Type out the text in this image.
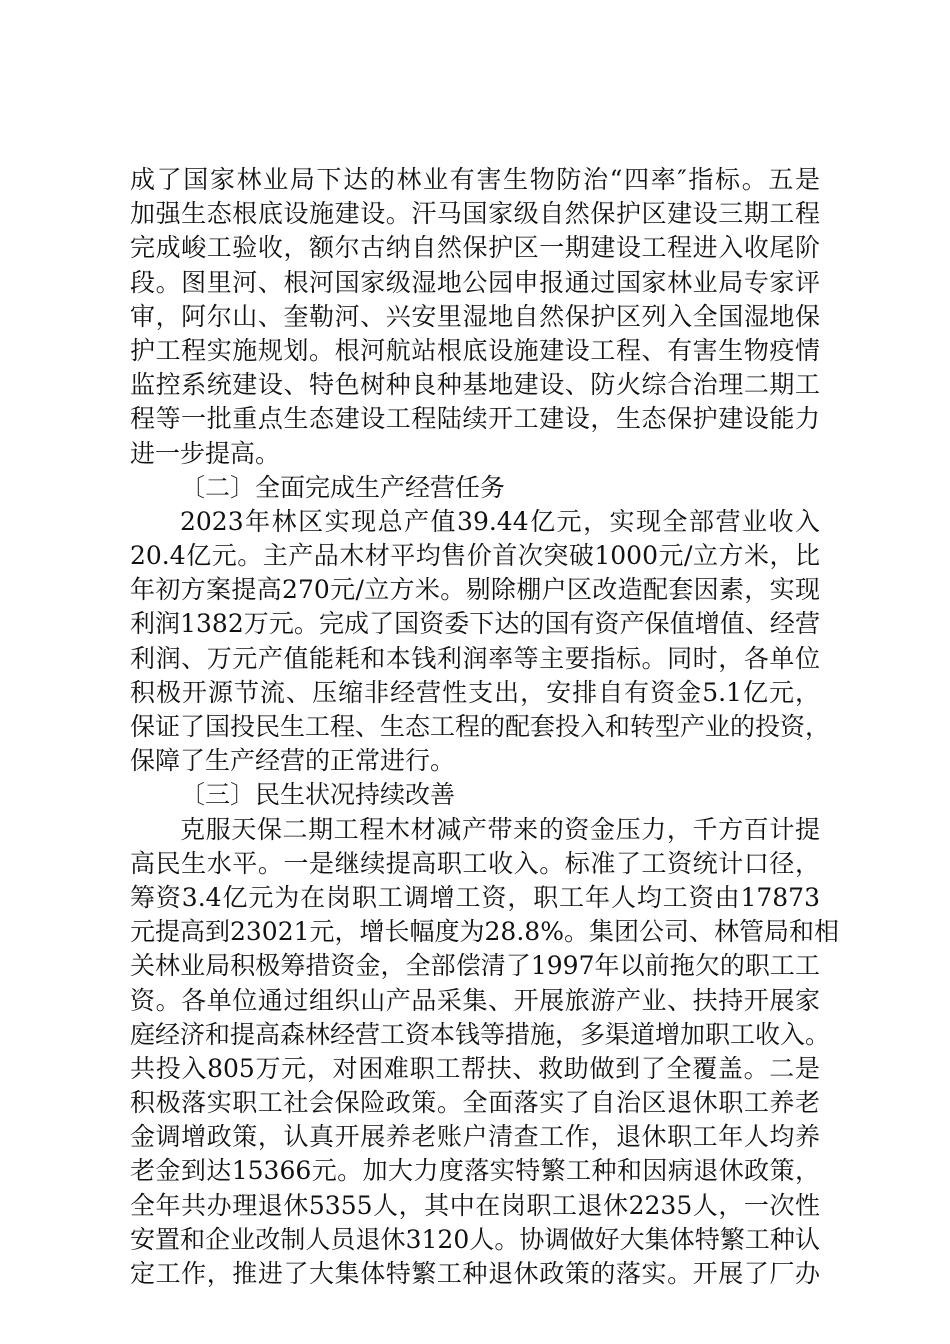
成了国家林业局下达的林业有害生物防治“四率″指标。五是
加强生态根底设施建设。汗马国家级自然保护区建设三期工程
完成峻工验收，额尔古纳自然保护区一期建设工程进入收尾阶
段。图里河、根河国家级湿地公园申报通过国家林业局专家评
审，阿尔山、奎勒河、兴安里湿地自然保护区列入全国湿地保
护工程实施规划。根河航站根底设施建设工程、有害生物疫情
监控系统建设、特色树种良种基地建设、防火综合治理二期工
程等一批重点生态建设工程陆续开工建设，生态保护建设能力
进一步提高。
〔二〕全面完成生产经营任务
2023年林区实现总产值39.44亿元，实现全部营业收入
20.4亿元。主产品木材平均售价首次突破1000元/立方米，比
年初方案提高270元/立方米。剔除棚户区改造配套因素，实现
利润1382万元。完成了国资委下达的国有资产保值增值、经营
利润、万元产值能耗和本钱利润率等主要指标。同时，各单位
积极开源节流、压缩非经营性支出，安排自有资金5.1亿元，
保证了国投民生工程、生态工程的配套投入和转型产业的投资，
保障了生产经营的正常进行。
〔三〕民生状况持续改善
克服天保二期工程木材减产带来的资金压力，千方百计提
高民生水平。一是继续提高职工收入。标准了工资统计口径，
筹资3.4亿元为在岗职工调增工资，职工年人均工资由17873
元提高到23021元，增长幅度为28.8%。集团公司、林管局和相
关林业局积极筹措资金，全部偿清了1997年以前拖欠的职工工
资。各单位通过组织山产品采集、开展旅游产业、扶持开展家
庭经济和提高森林经营工资本钱等措施，多渠道增加职工收入。
共投入805万元，对困难职工帮扶、救助做到了全覆盖。二是
积极落实职工社会保险政策。全面落实了自治区退休职工养老
金调增政策，认真开展养老账户清查工作，退休职工年人均养
老金到达15366元。加大力度落实特繁工种和因病退休政策，
全年共办理退休5355人，其中在岗职工退休2235人，一次性
安置和企业改制人员退休3120人。协调做好大集体特繁工种认
定工作，推进了大集体特繁工种退休政策的落实。开展了厂办
